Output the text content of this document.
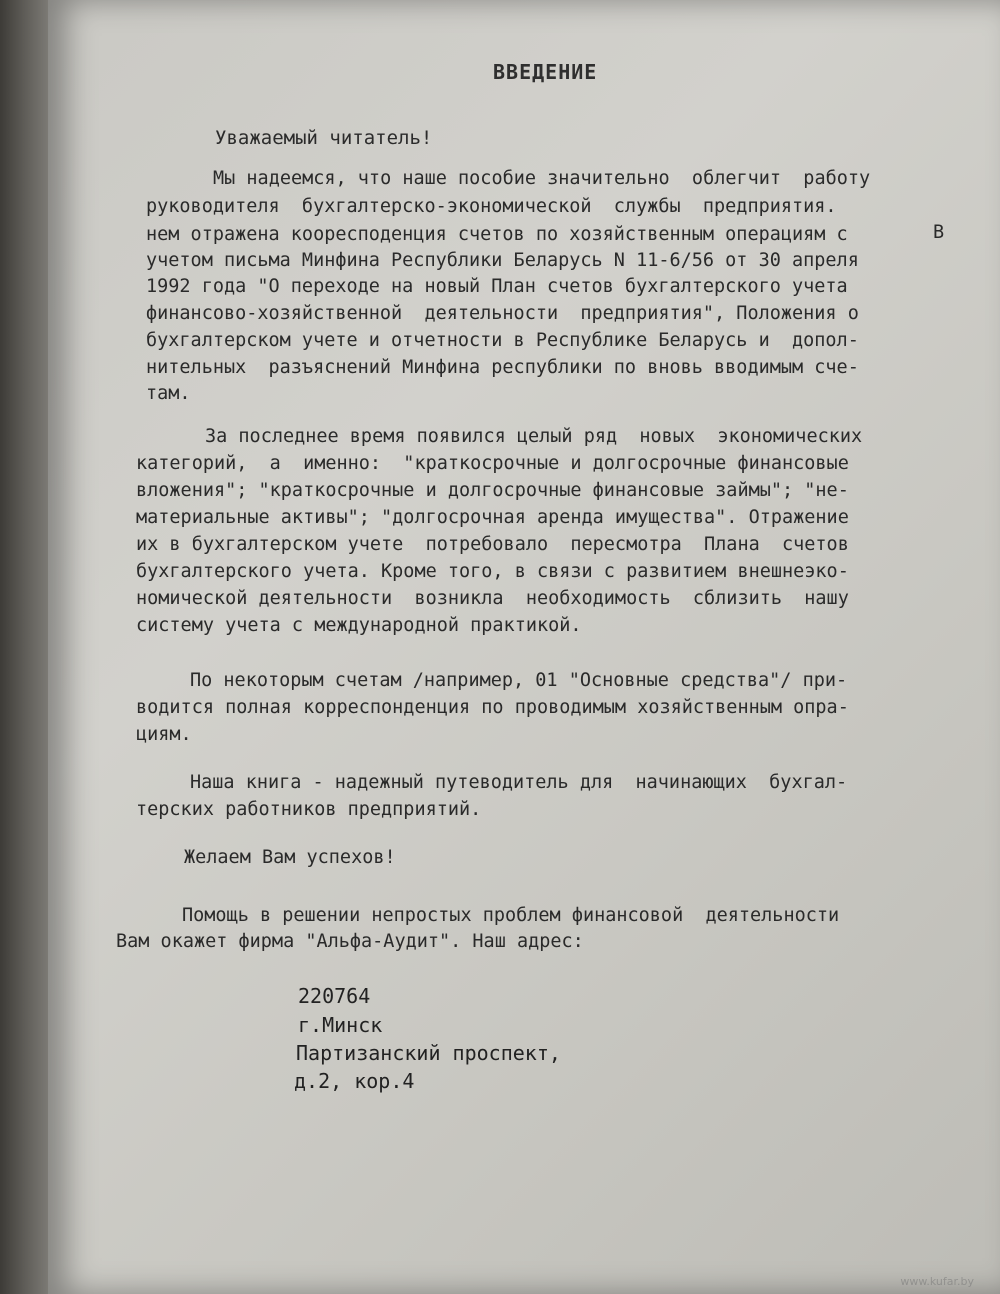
ВВЕДЕНИЕ
Уважаемый читатель!
Мы надеемся, что наше пособие значительно  облегчит  работу
руководителя  бухгалтерско-экономической  службы  предприятия.
В
нем отражена кооресподенция счетов по хозяйственным операциям с
учетом письма Минфина Республики Беларусь N 11-6/56 от 30 апреля
1992 года "О переходе на новый План счетов бухгалтерского учета
финансово-хозяйственной  деятельности  предприятия", Положения о
бухгалтерском учете и отчетности в Республике Беларусь и  допол-
нительных  разъяснений Минфина республики по вновь вводимым сче-
там.
За последнее время появился целый ряд  новых  экономических
категорий,  а  именно:  "краткосрочные и долгосрочные финансовые
вложения"; "краткосрочные и долгосрочные финансовые займы"; "не-
материальные активы"; "долгосрочная аренда имущества". Отражение
их в бухгалтерском учете  потребовало  пересмотра  Плана  счетов
бухгалтерского учета. Кроме того, в связи с развитием внешнеэко-
номической деятельности  возникла  необходимость  сблизить  нашу
систему учета с международной практикой.
По некоторым счетам /например, 01 "Основные средства"/ при-
водится полная корреспонденция по проводимым хозяйственным опра-
циям.
Наша книга - надежный путеводитель для  начинающих  бухгал-
терских работников предприятий.
Желаем Вам успехов!
Помощь в решении непростых проблем финансовой  деятельности
Вам окажет фирма "Альфа-Аудит". Наш адрес:
220764
г.Минск
Партизанский проспект,
д.2, кор.4
www.kufar.by
